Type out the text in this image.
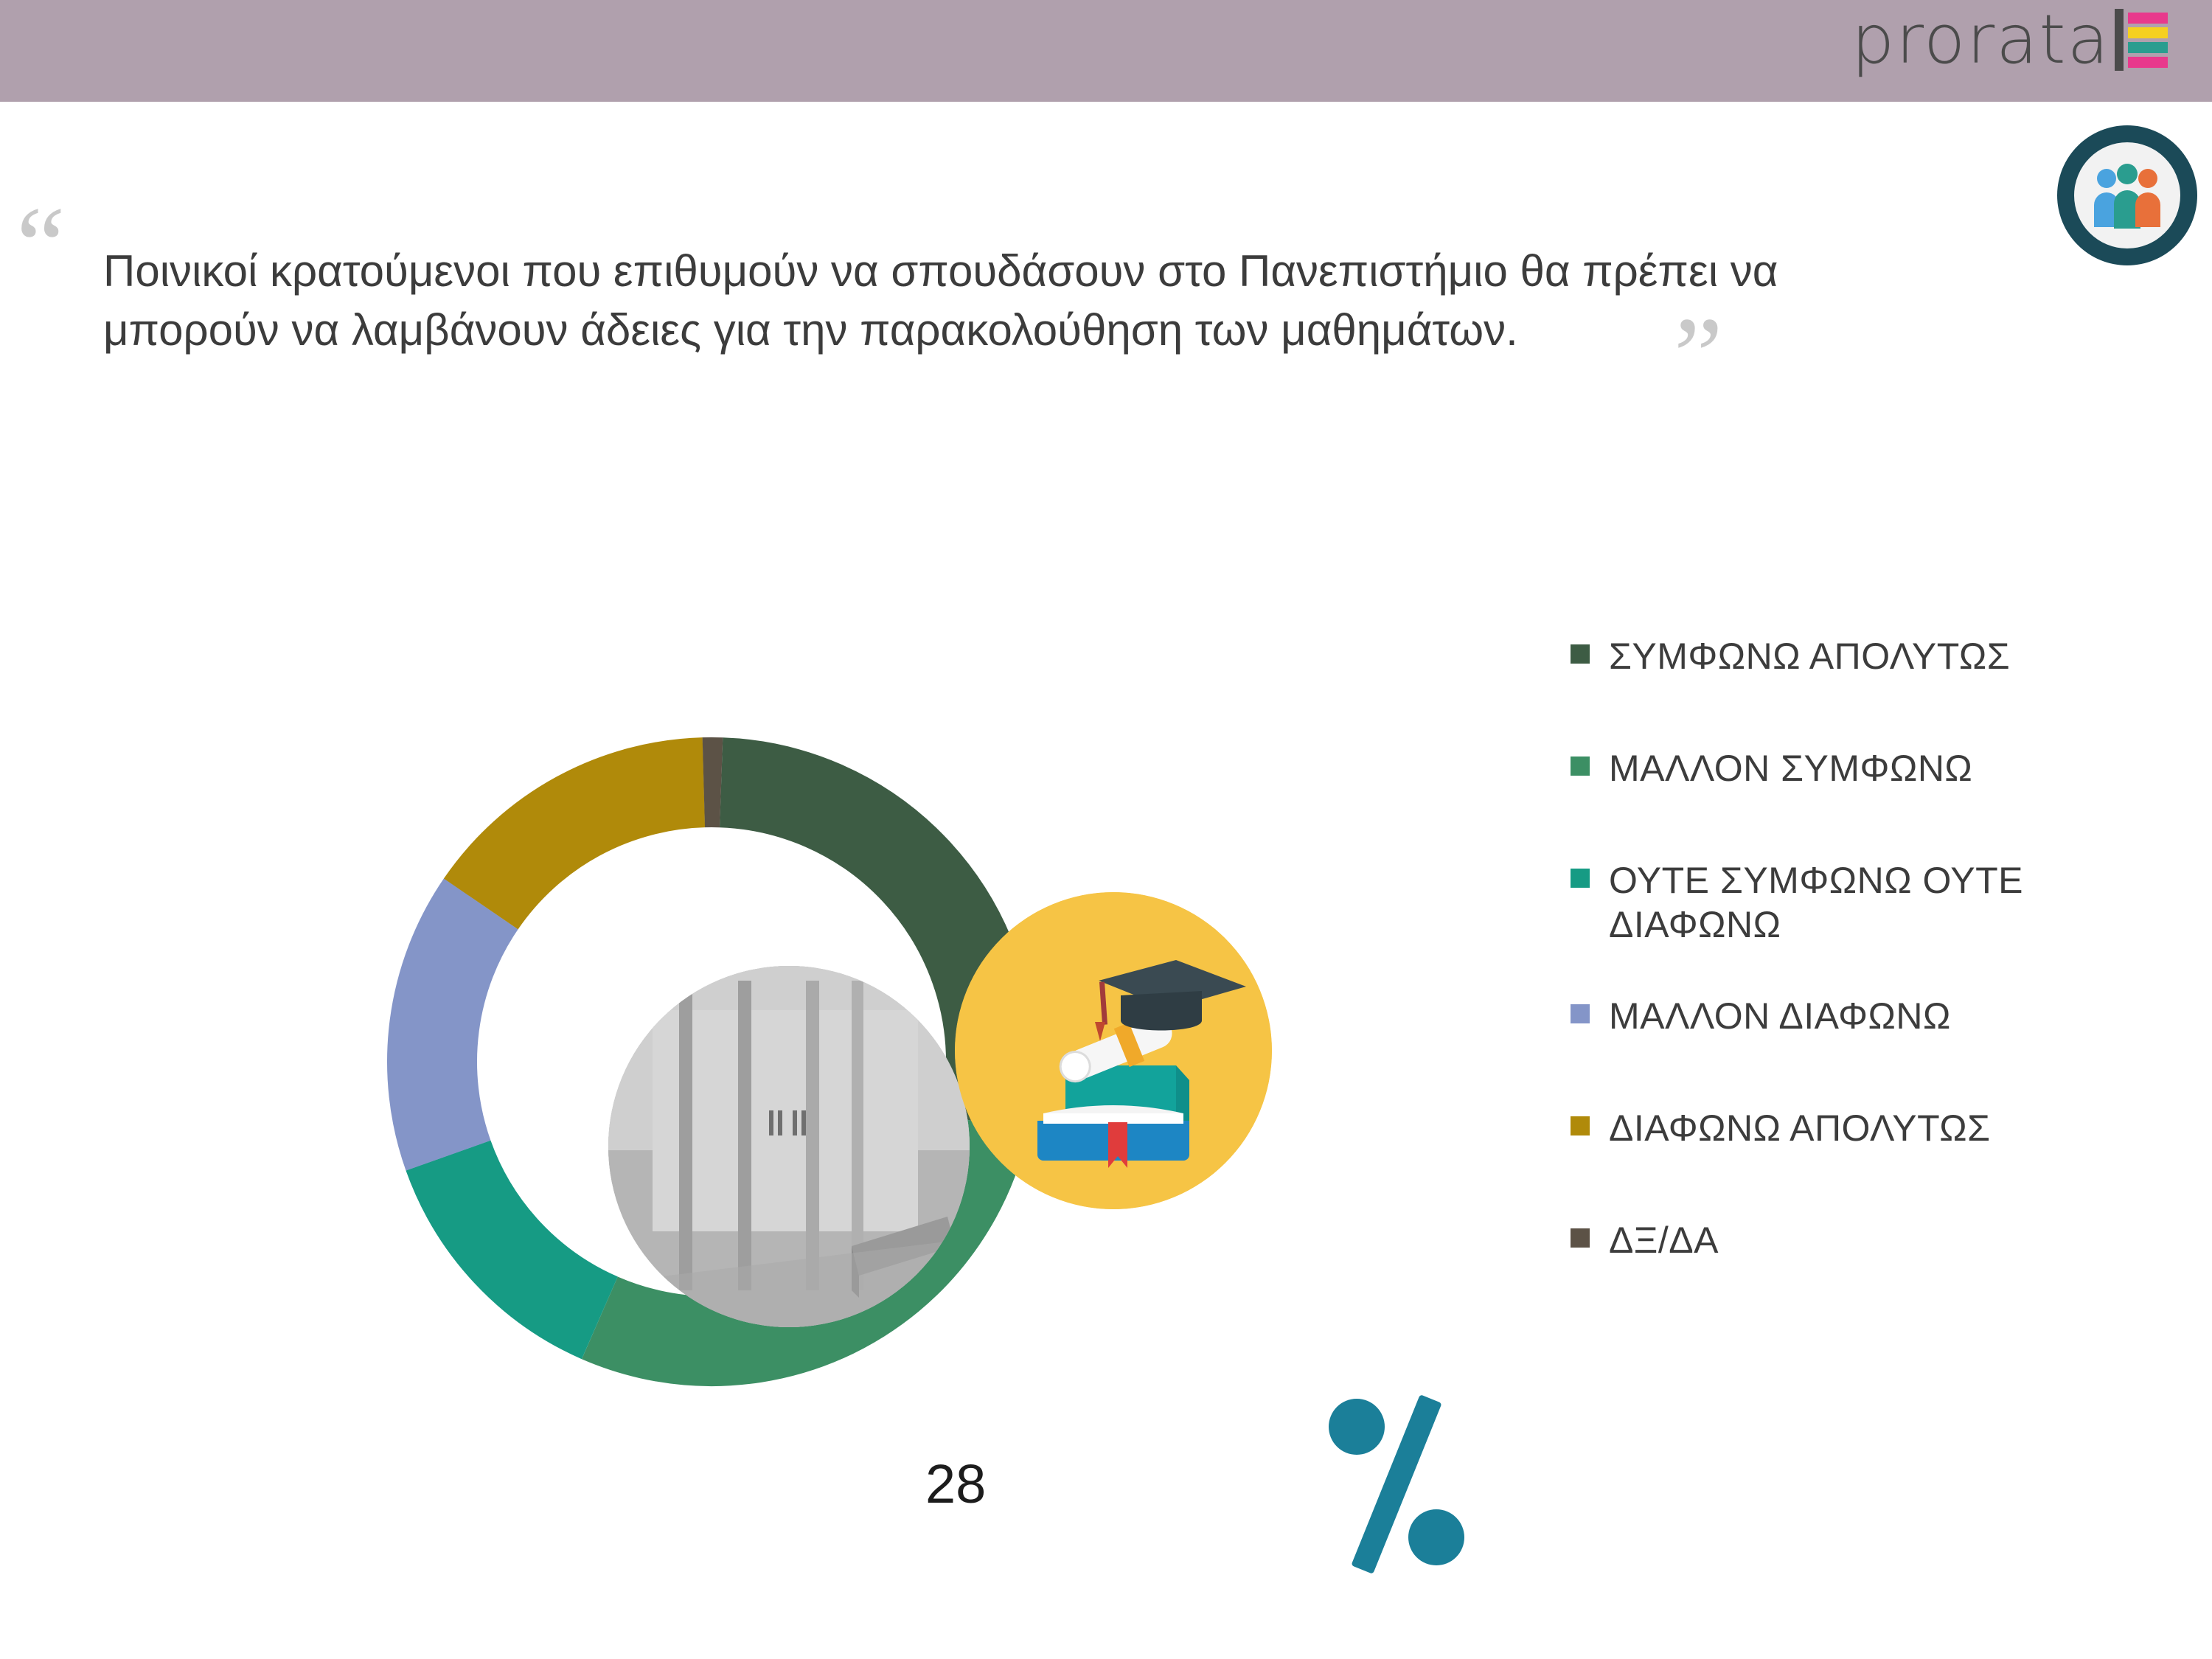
prorata
“ Ποινικοί κρατούμενοι που επιθυμούν να σπουδάσουν στο Πανεπιστήμιο θα πρέπει να
μπορούν να λαμβάνουν άδειες για την παρακολούθηση των μαθημάτων.	”
28
13
15
15
1
ΣΥΜΦΩΝΩ ΑΠΟΛΥΤΩΣ
ΜΑΛΛΟΝ ΣΥΜΦΩΝΩ
ΟΥΤΕ ΣΥΜΦΩΝΩ ΟΥΤΕ ΔΙΑΦΩΝΩ
ΜΑΛΛΟΝ ΔΙΑΦΩΝΩ
ΔΙΑΦΩΝΩ ΑΠΟΛΥΤΩΣ
ΔΞ/ΔΑ
